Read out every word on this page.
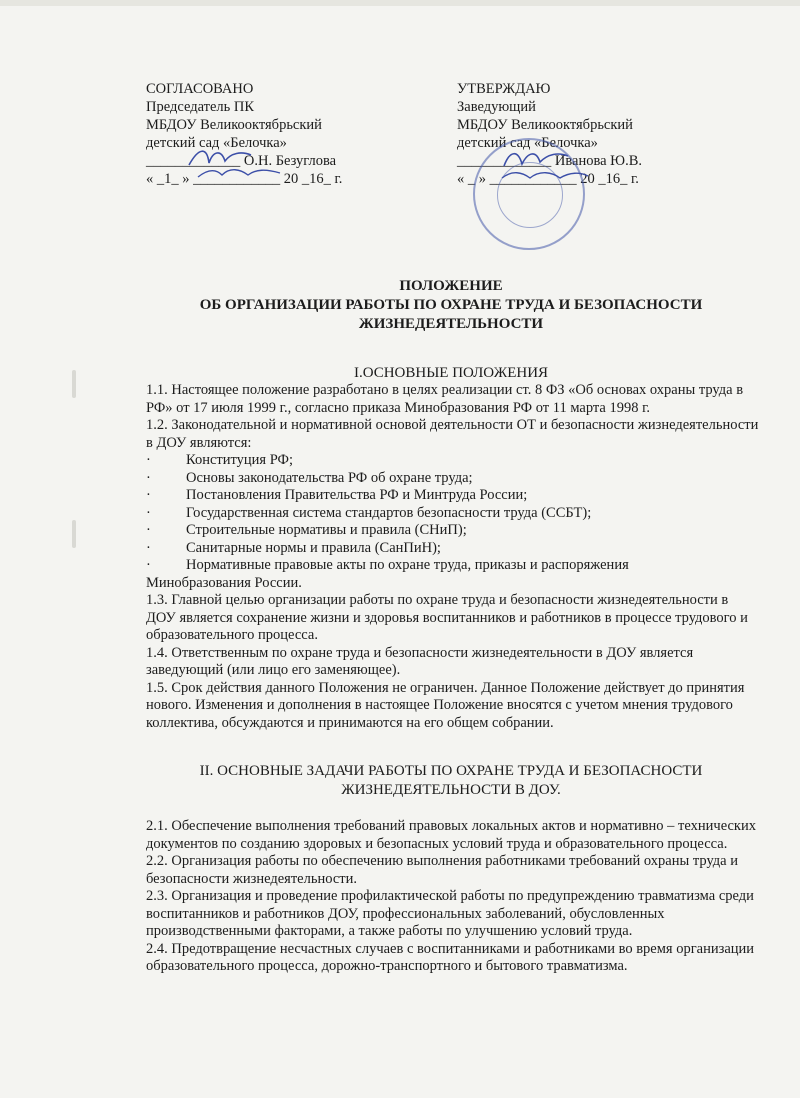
СОГЛАСОВАНО
Председатель ПК
МБДОУ Великооктябрьский
детский сад «Белочка»
_____________ О.Н. Безуглова
« _1_ » ____________ 20 _16_ г.
УТВЕРЖДАЮ
Заведующий
МБДОУ Великооктябрьский
детский сад «Белочка»
_____________ Иванова Ю.В.
« _ » ____________ 20 _16_ г.
ПОЛОЖЕНИЕ
ОБ ОРГАНИЗАЦИИ РАБОТЫ ПО ОХРАНЕ ТРУДА И БЕЗОПАСНОСТИ
ЖИЗНЕДЕЯТЕЛЬНОСТИ
I.ОСНОВНЫЕ ПОЛОЖЕНИЯ

1.1. Настоящее положение разработано в целях реализации ст. 8 ФЗ «Об основах охраны труда в РФ» от 17 июля 1999 г., согласно приказа Минобразования РФ от 11 марта 1998 г.

1.2. Законодательной и нормативной основой деятельности ОТ и безопасности жизнедеятельности в ДОУ являются:

·	Конституция РФ;
·	Основы законодательства РФ об охране труда;
·	Постановления Правительства РФ и Минтруда России;
·	Государственная система стандартов безопасности труда (ССБТ);
·	Строительные нормативы и правила (СНиП);
·	Санитарные нормы и правила (СанПиН);
·	Нормативные правовые акты по охране труда, приказы и распоряжения

Минобразования России.

1.3. Главной целью организации работы по охране труда и безопасности жизнедеятельности в ДОУ является сохранение жизни и здоровья воспитанников и работников в процессе трудового и образовательного процесса.

1.4. Ответственным по охране труда и безопасности жизнедеятельности в ДОУ является заведующий (или лицо его заменяющее).

1.5. Срок действия данного Положения не ограничен. Данное Положение действует до принятия нового. Изменения и дополнения в настоящее Положение вносятся с учетом мнения трудового коллектива, обсуждаются и принимаются на его общем собрании.

II. ОСНОВНЫЕ ЗАДАЧИ РАБОТЫ ПО ОХРАНЕ ТРУДА И БЕЗОПАСНОСТИ
ЖИЗНЕДЕЯТЕЛЬНОСТИ В ДОУ.

2.1. Обеспечение выполнения требований правовых локальных актов и нормативно – технических документов по созданию здоровых и безопасных условий труда и образовательного процесса.

2.2. Организация работы по обеспечению выполнения работниками требований охраны труда и безопасности жизнедеятельности.

2.3. Организация и проведение профилактической работы по предупреждению травматизма среди воспитанников и работников ДОУ, профессиональных заболеваний, обусловленных производственными факторами, а также работы по улучшению условий труда.

2.4. Предотвращение несчастных случаев с воспитанниками и работниками во время организации образовательного процесса, дорожно-транспортного и бытового травматизма.
